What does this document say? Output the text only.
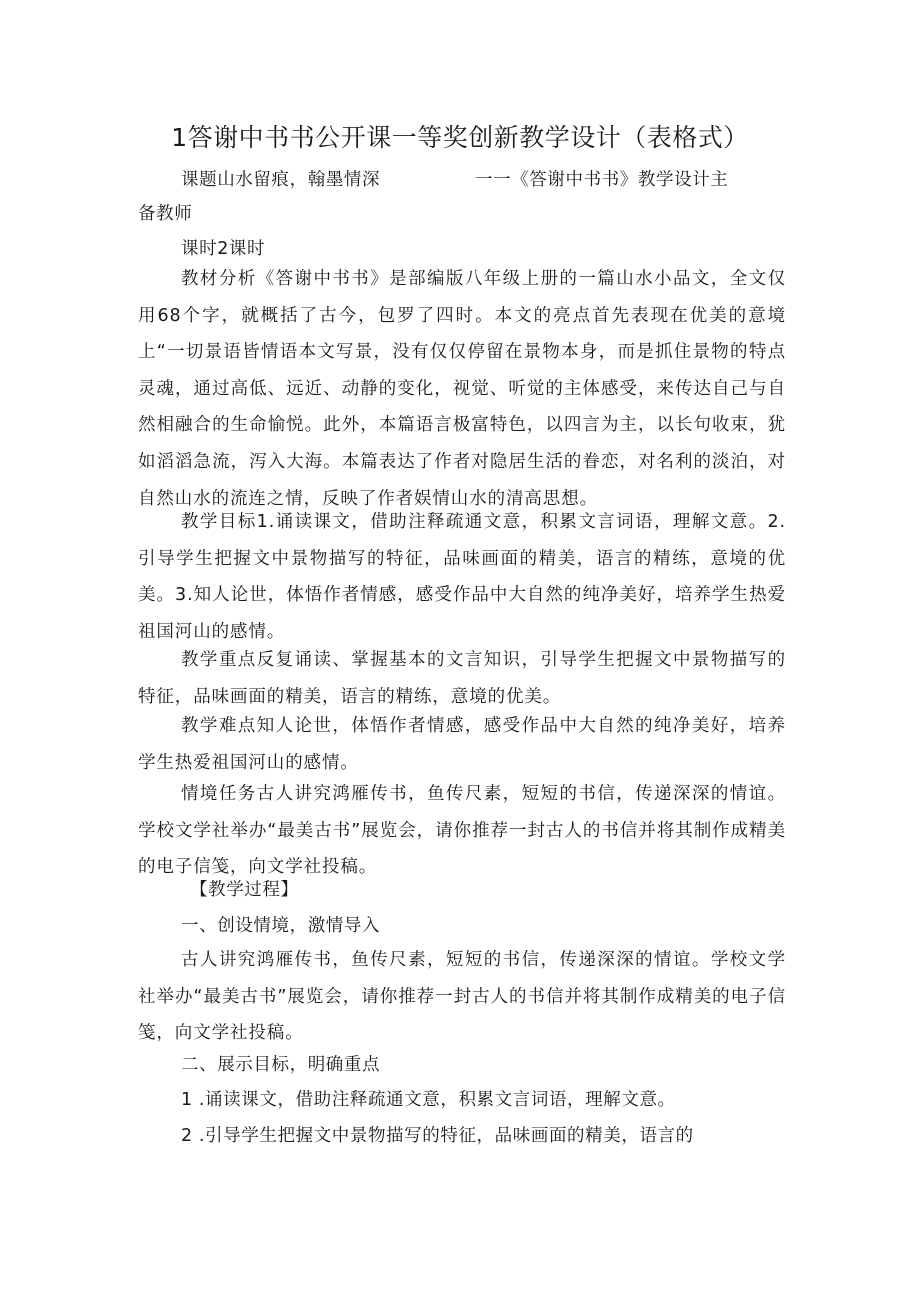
1答谢中书书公开课一等奖创新教学设计（表格式）

课题山水留痕，翰墨情深	一一《答谢中书书》教学设计主

备教师

课时2课时

教材分析《答谢中书书》是部编版八年级上册的一篇山水小品文，全文仅用68个字，就概括了古今，包罗了四时。本文的亮点首先表现在优美的意境上“一切景语皆情语本文写景，没有仅仅停留在景物本身，而是抓住景物的特点灵魂，通过高低、远近、动静的变化，视觉、听觉的主体感受，来传达自己与自然相融合的生命愉悦。此外，本篇语言极富特色，以四言为主，以长句收束，犹如滔滔急流，泻入大海。本篇表达了作者对隐居生活的眷恋，对名利的淡泊，对自然山水的流连之情，反映了作者娱情山水的清高思想。

教学目标1.诵读课文，借助注释疏通文意，积累文言词语，理解文意。2.引导学生把握文中景物描写的特征，品味画面的精美，语言的精练，意境的优美。3.知人论世，体悟作者情感，感受作品中大自然的纯净美好，培养学生热爱祖国河山的感情。

教学重点反复诵读、掌握基本的文言知识，引导学生把握文中景物描写的特征，品味画面的精美，语言的精练，意境的优美。

教学难点知人论世，体悟作者情感，感受作品中大自然的纯净美好，培养学生热爱祖国河山的感情。

情境任务古人讲究鸿雁传书，鱼传尺素，短短的书信，传递深深的情谊。学校文学社举办“最美古书”展览会，请你推荐一封古人的书信并将其制作成精美的电子信笺，向文学社投稿。

【教学过程】

一、创设情境，激情导入

古人讲究鸿雁传书，鱼传尺素，短短的书信，传递深深的情谊。学校文学社举办“最美古书”展览会，请你推荐一封古人的书信并将其制作成精美的电子信笺，向文学社投稿。

二、展示目标，明确重点

1 .诵读课文，借助注释疏通文意，积累文言词语，理解文意。

2 .引导学生把握文中景物描写的特征，品味画面的精美，语言的
